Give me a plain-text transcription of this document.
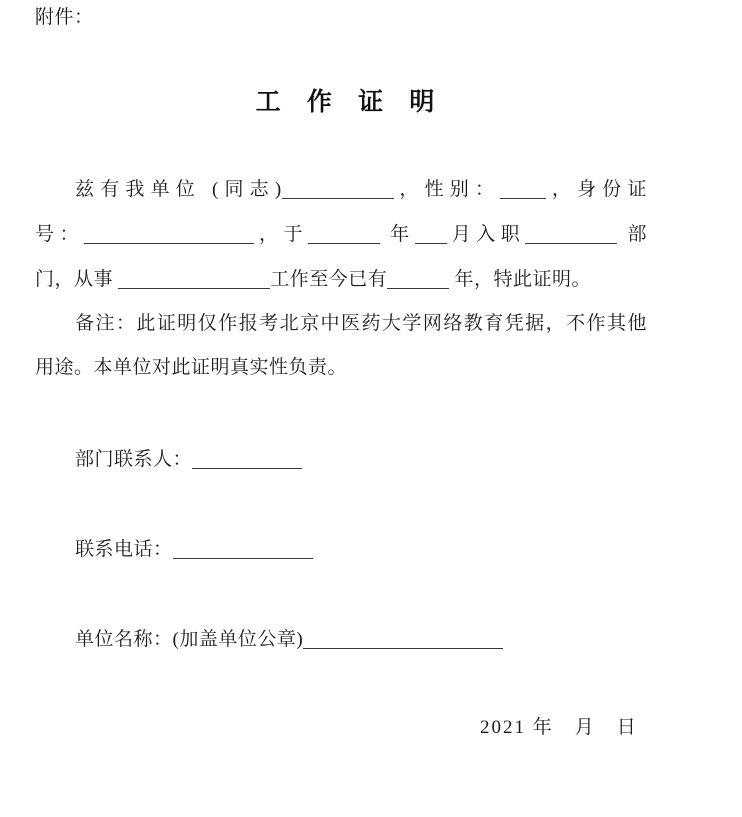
附件：
工 作 证 明
兹有我单位 (同志)	，性别： ，身份证
号：	，于	年 月入职	部
门，从事	工作至今已有	年，特此证明。
备注：此证明仅作报考北京中医药大学网络教育凭据，不作其他
用途。本单位对此证明真实性负责。
部门联系人：
联系电话：
单位名称：(加盖单位公章)
2021 年　月　日
